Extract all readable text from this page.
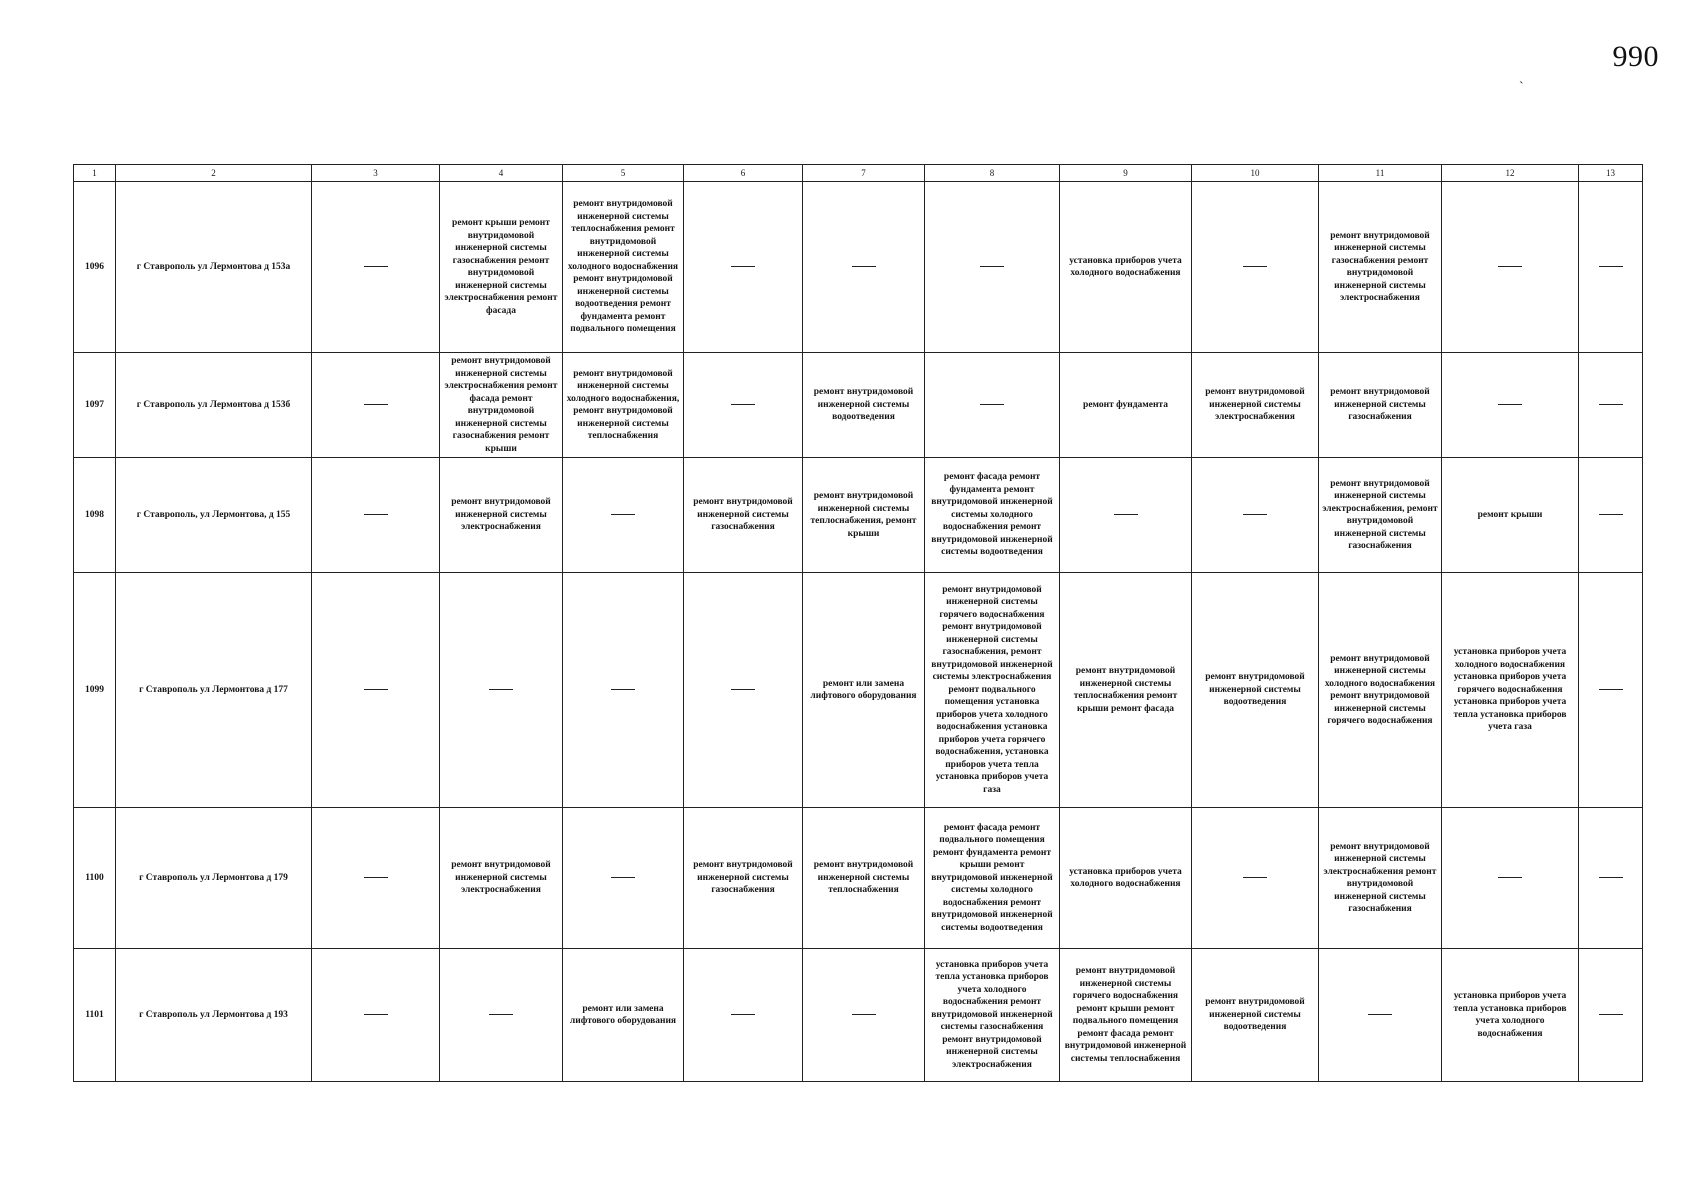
990
`
1	2	3	4	5	6	7	8	9	10	11	12	13
1096	г Ставрополь ул Лермонтова д 153а		ремонт крыши ремонт внутридомовой инженерной системы газоснабжения ремонт внутридомовой инженерной системы электроснабжения ремонт фасада	ремонт внутридомовой инженерной системы теплоснабжения ремонт внутридомовой инженерной системы холодного водоснабжения ремонт внутридомовой инженерной системы водоотведения ремонт фундамента ремонт подвального помещения				установка приборов учета холодного водоснабжения		ремонт внутридомовой инженерной системы газоснабжения ремонт внутридомовой инженерной системы электроснабжения		
1097	г Ставрополь ул Лермонтова д 153б		ремонт внутридомовой инженерной системы электроснабжения ремонт фасада ремонт внутридомовой инженерной системы газоснабжения ремонт крыши	ремонт внутридомовой инженерной системы холодного водоснабжения, ремонт внутридомовой инженерной системы теплоснабжения		ремонт внутридомовой инженерной системы водоотведения		ремонт фундамента	ремонт внутридомовой инженерной системы электроснабжения	ремонт внутридомовой инженерной системы газоснабжения		
1098	г Ставрополь, ул Лермонтова, д 155		ремонт внутридомовой инженерной системы электроснабжения		ремонт внутридомовой инженерной системы газоснабжения	ремонт внутридомовой инженерной системы теплоснабжения, ремонт крыши	ремонт фасада ремонт фундамента ремонт внутридомовой инженерной системы холодного водоснабжения ремонт внутридомовой инженерной системы водоотведения			ремонт внутридомовой инженерной системы электроснабжения, ремонт внутридомовой инженерной системы газоснабжения	ремонт крыши	
1099	г Ставрополь ул Лермонтова д 177					ремонт или замена лифтового оборудования	ремонт внутридомовой инженерной системы горячего водоснабжения ремонт внутридомовой инженерной системы газоснабжения, ремонт внутридомовой инженерной системы электроснабжения ремонт подвального помещения установка приборов учета холодного водоснабжения установка приборов учета горячего водоснабжения, установка приборов учета тепла установка приборов учета газа	ремонт внутридомовой инженерной системы теплоснабжения ремонт крыши ремонт фасада	ремонт внутридомовой инженерной системы водоотведения	ремонт внутридомовой инженерной системы холодного водоснабжения ремонт внутридомовой инженерной системы горячего водоснабжения	установка приборов учета холодного водоснабжения установка приборов учета горячего водоснабжения установка приборов учета тепла установка приборов учета газа	
1100	г Ставрополь ул Лермонтова д 179		ремонт внутридомовой инженерной системы электроснабжения		ремонт внутридомовой инженерной системы газоснабжения	ремонт внутридомовой инженерной системы теплоснабжения	ремонт фасада ремонт подвального помещения ремонт фундамента ремонт крыши ремонт внутридомовой инженерной системы холодного водоснабжения ремонт внутридомовой инженерной системы водоотведения	установка приборов учета холодного водоснабжения		ремонт внутридомовой инженерной системы электроснабжения ремонт внутридомовой инженерной системы газоснабжения		
1101	г Ставрополь ул Лермонтова д 193			ремонт или замена лифтового оборудования			установка приборов учета тепла установка приборов учета холодного водоснабжения ремонт внутридомовой инженерной системы газоснабжения ремонт внутридомовой инженерной системы электроснабжения	ремонт внутридомовой инженерной системы горячего водоснабжения ремонт крыши ремонт подвального помещения ремонт фасада ремонт внутридомовой инженерной системы теплоснабжения	ремонт внутридомовой инженерной системы водоотведения		установка приборов учета тепла установка приборов учета холодного водоснабжения	
